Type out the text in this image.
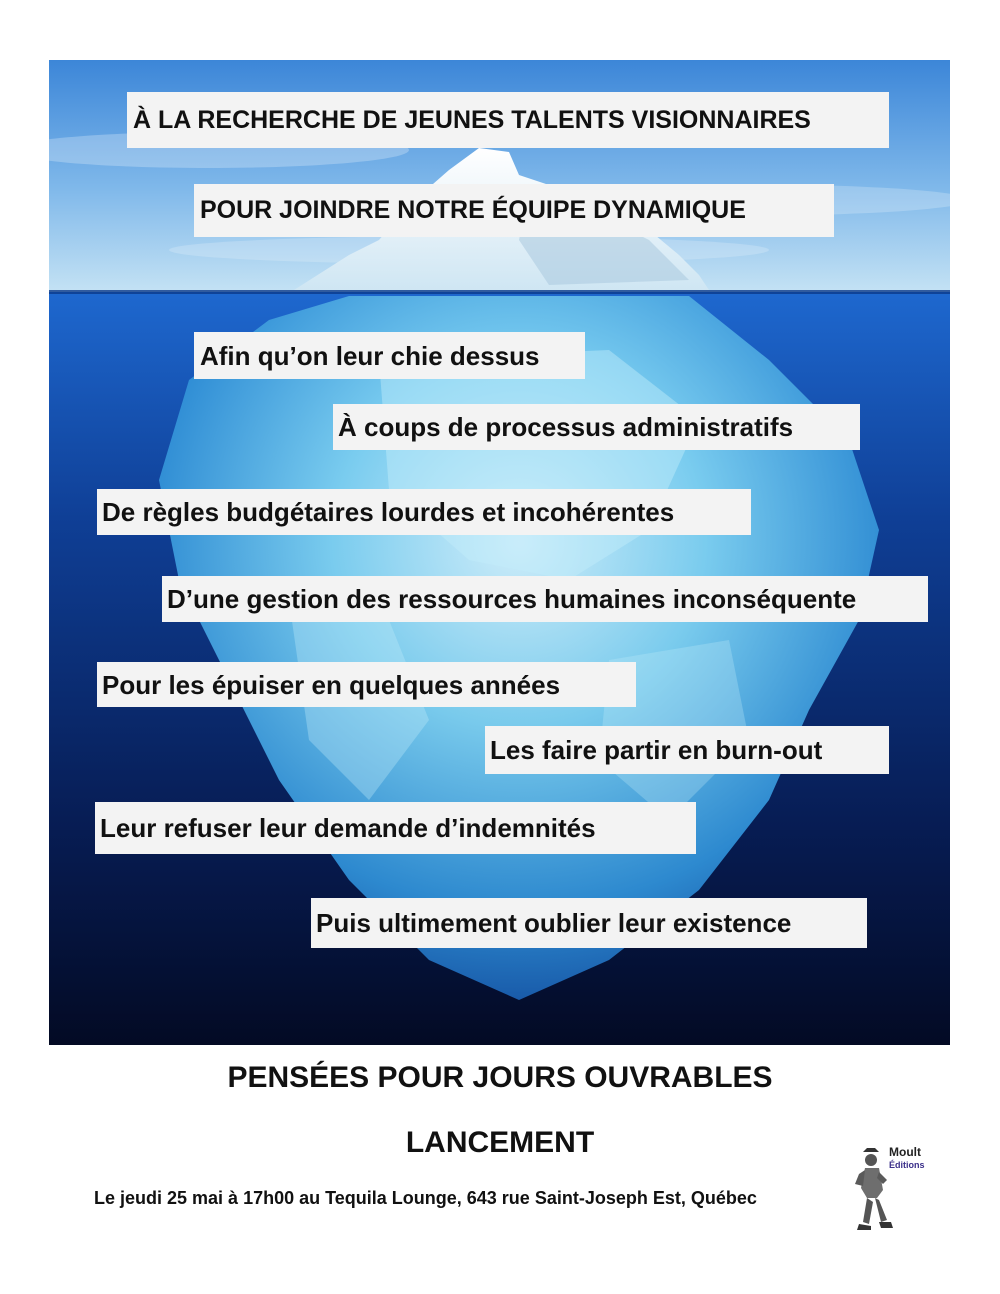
À LA RECHERCHE DE JEUNES TALENTS VISIONNAIRES
POUR JOINDRE NOTRE ÉQUIPE DYNAMIQUE
Afin qu’on leur chie dessus
À coups de processus administratifs
De règles budgétaires lourdes et incohérentes
D’une gestion des ressources humaines inconséquente
Pour les épuiser en quelques années
Les faire partir en burn-out
Leur refuser leur demande d’indemnités
Puis ultimement oublier leur existence
PENSÉES POUR JOURS OUVRABLES
LANCEMENT
Le jeudi 25 mai à 17h00 au Tequila Lounge, 643 rue Saint-Joseph Est, Québec
Moult
Éditions
